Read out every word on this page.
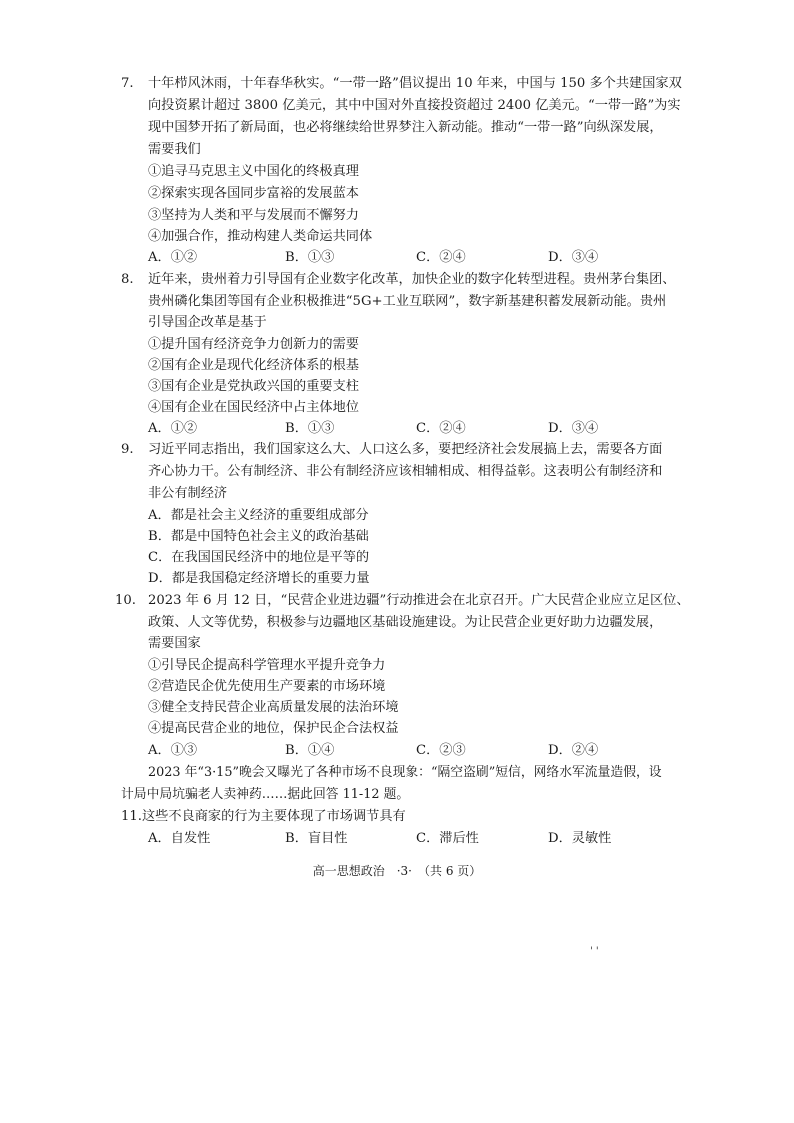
7. 十年栉风沐雨，十年春华秋实。“一带一路”倡议提出 10 年来，中国与 150 多个共建国家双
向投资累计超过 3800 亿美元，其中中国对外直接投资超过 2400 亿美元。“一带一路”为实
现中国梦开拓了新局面，也必将继续给世界梦注入新动能。推动“一带一路”向纵深发展，
需要我们
①追寻马克思主义中国化的终极真理
②探索实现各国同步富裕的发展蓝本
③坚持为人类和平与发展而不懈努力
④加强合作，推动构建人类命运共同体
A．①②	B．①③	C．②④	D．③④
8. 近年来，贵州着力引导国有企业数字化改革，加快企业的数字化转型进程。贵州茅台集团、
贵州磷化集团等国有企业积极推进“5G+工业互联网”，数字新基建积蓄发展新动能。贵州
引导国企改革是基于
①提升国有经济竞争力创新力的需要
②国有企业是现代化经济体系的根基
③国有企业是党执政兴国的重要支柱
④国有企业在国民经济中占主体地位
A．①②	B．①③	C．②④	D．③④
9. 习近平同志指出，我们国家这么大、人口这么多，要把经济社会发展搞上去，需要各方面
齐心协力干。公有制经济、非公有制经济应该相辅相成、相得益彰。这表明公有制经济和
非公有制经济
A．都是社会主义经济的重要组成部分
B．都是中国特色社会主义的政治基础
C．在我国国民经济中的地位是平等的
D．都是我国稳定经济增长的重要力量
10. 2023 年 6 月 12 日，“民营企业进边疆”行动推进会在北京召开。广大民营企业应立足区位、
政策、人文等优势，积极参与边疆地区基础设施建设。为让民营企业更好助力边疆发展，
需要国家
①引导民企提高科学管理水平提升竞争力
②营造民企优先使用生产要素的市场环境
③健全支持民营企业高质量发展的法治环境
④提高民营企业的地位，保护民企合法权益
A．①③	B．①④	C．②③	D．②④
2023 年“3·15”晚会又曝光了各种市场不良现象：“隔空盗刷”短信，网络水军流量造假，设
计局中局坑骗老人卖神药……据此回答 11-12 题。
11. 这些不良商家的行为主要体现了市场调节具有
A．自发性	B．盲目性	C．滞后性	D．灵敏性
高一思想政治　·3·　（共 6 页）
' '
